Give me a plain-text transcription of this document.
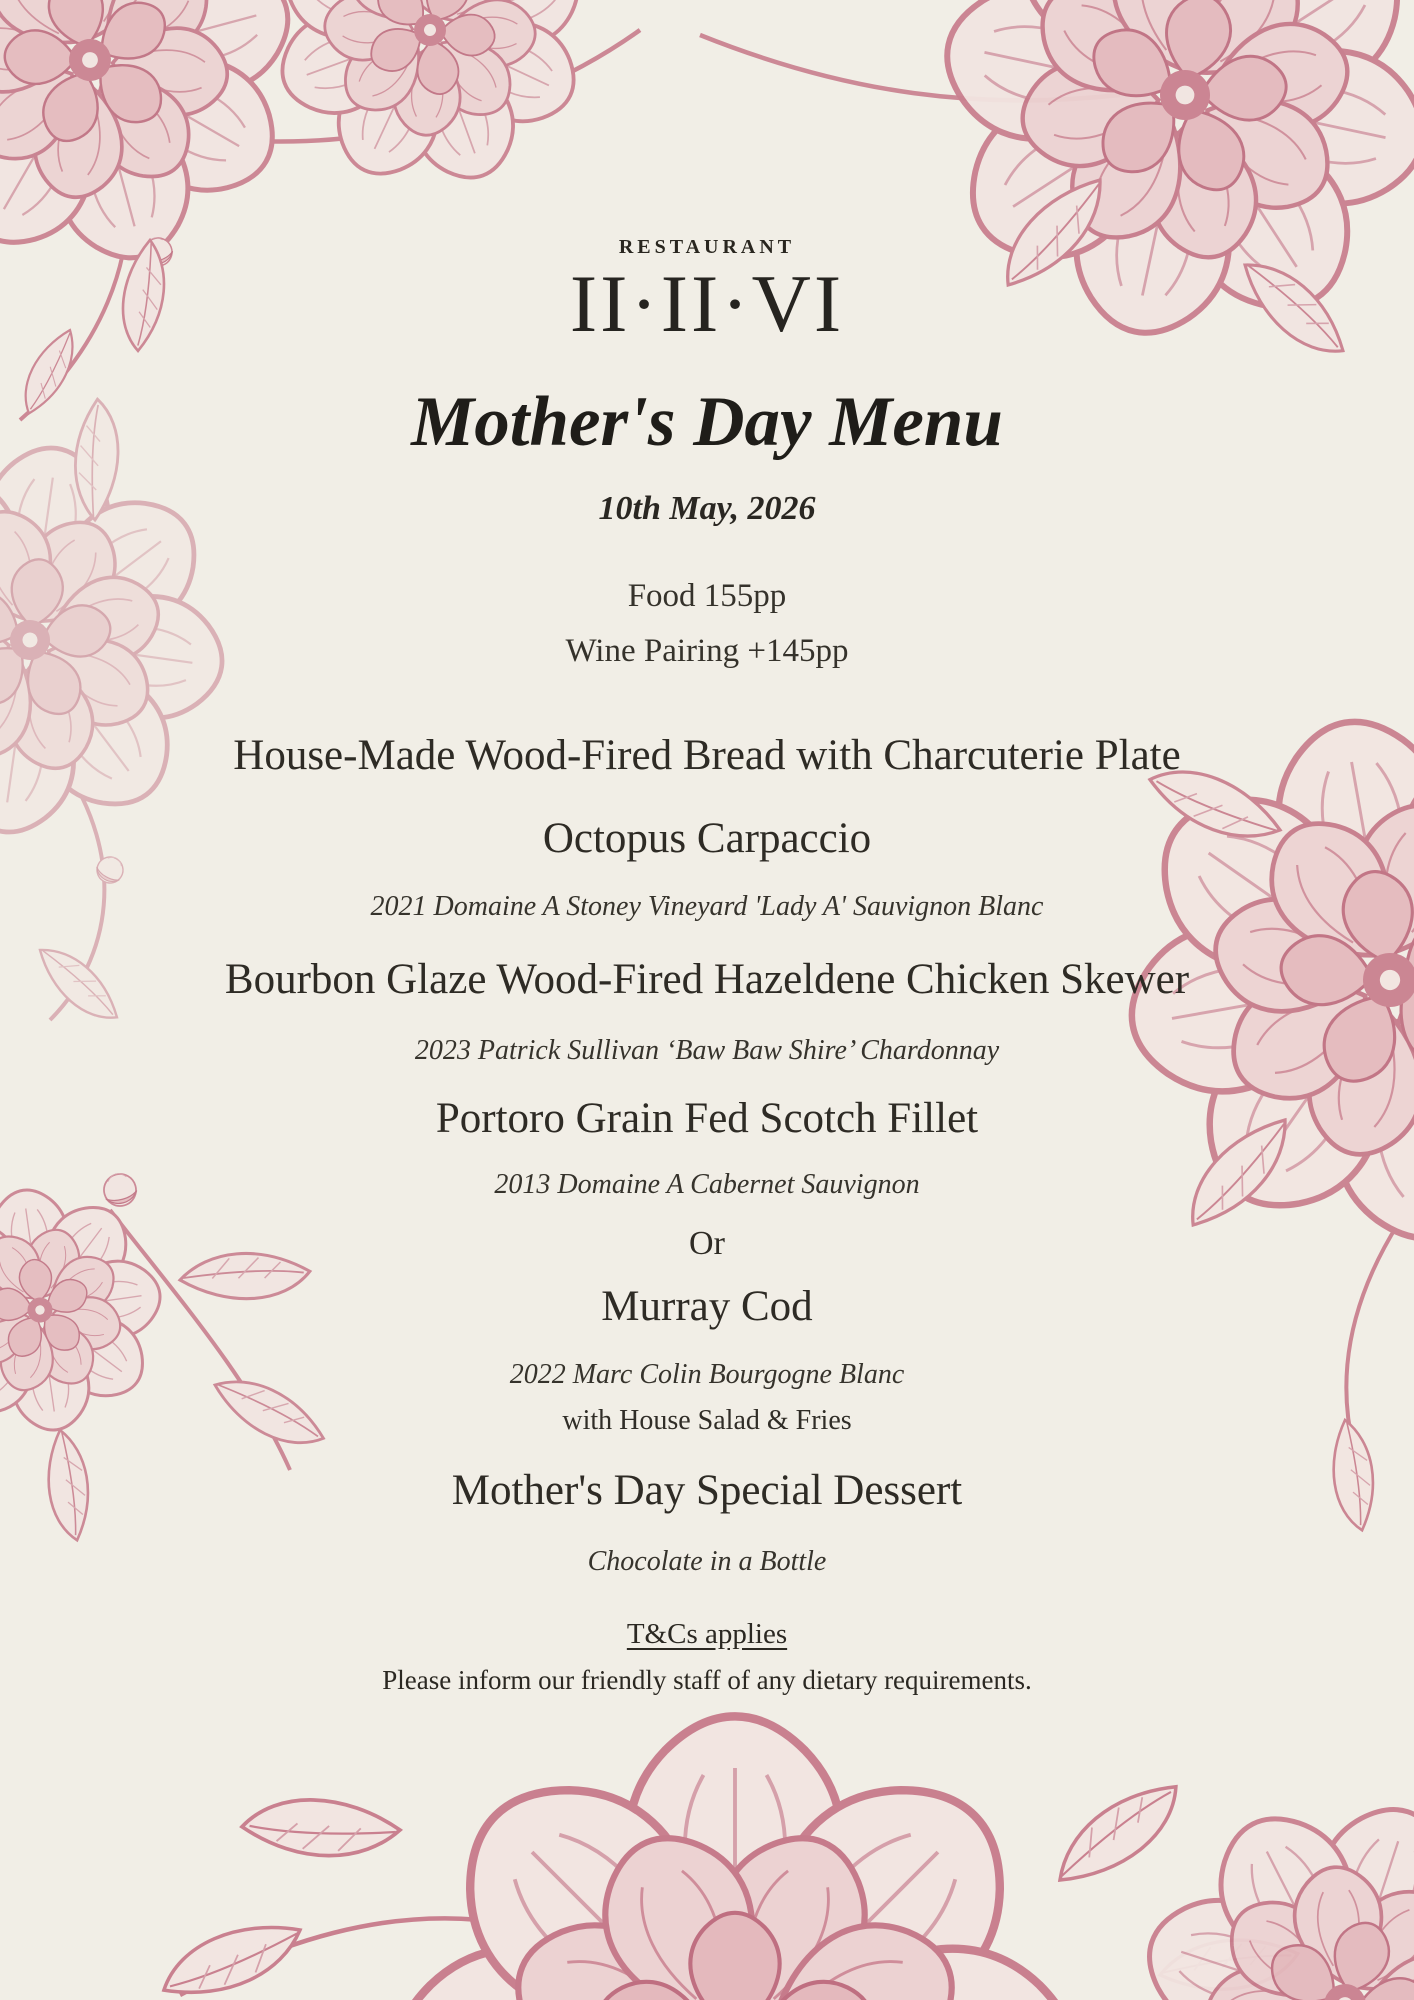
RESTAURANT
II·II·VI
Mother's Day Menu
10th May, 2026
Food 155pp
Wine Pairing +145pp
House-Made Wood-Fired Bread with Charcuterie Plate
Octopus Carpaccio
2021 Domaine A Stoney Vineyard 'Lady A' Sauvignon Blanc
Bourbon Glaze Wood-Fired Hazeldene Chicken Skewer
2023 Patrick Sullivan ‘Baw Baw Shire’ Chardonnay
Portoro Grain Fed Scotch Fillet
2013 Domaine A Cabernet Sauvignon
Or
Murray Cod
2022 Marc Colin Bourgogne Blanc
with House Salad & Fries
Mother's Day Special Dessert
Chocolate in a Bottle
T&Cs applies
Please inform our friendly staff of any dietary requirements.
